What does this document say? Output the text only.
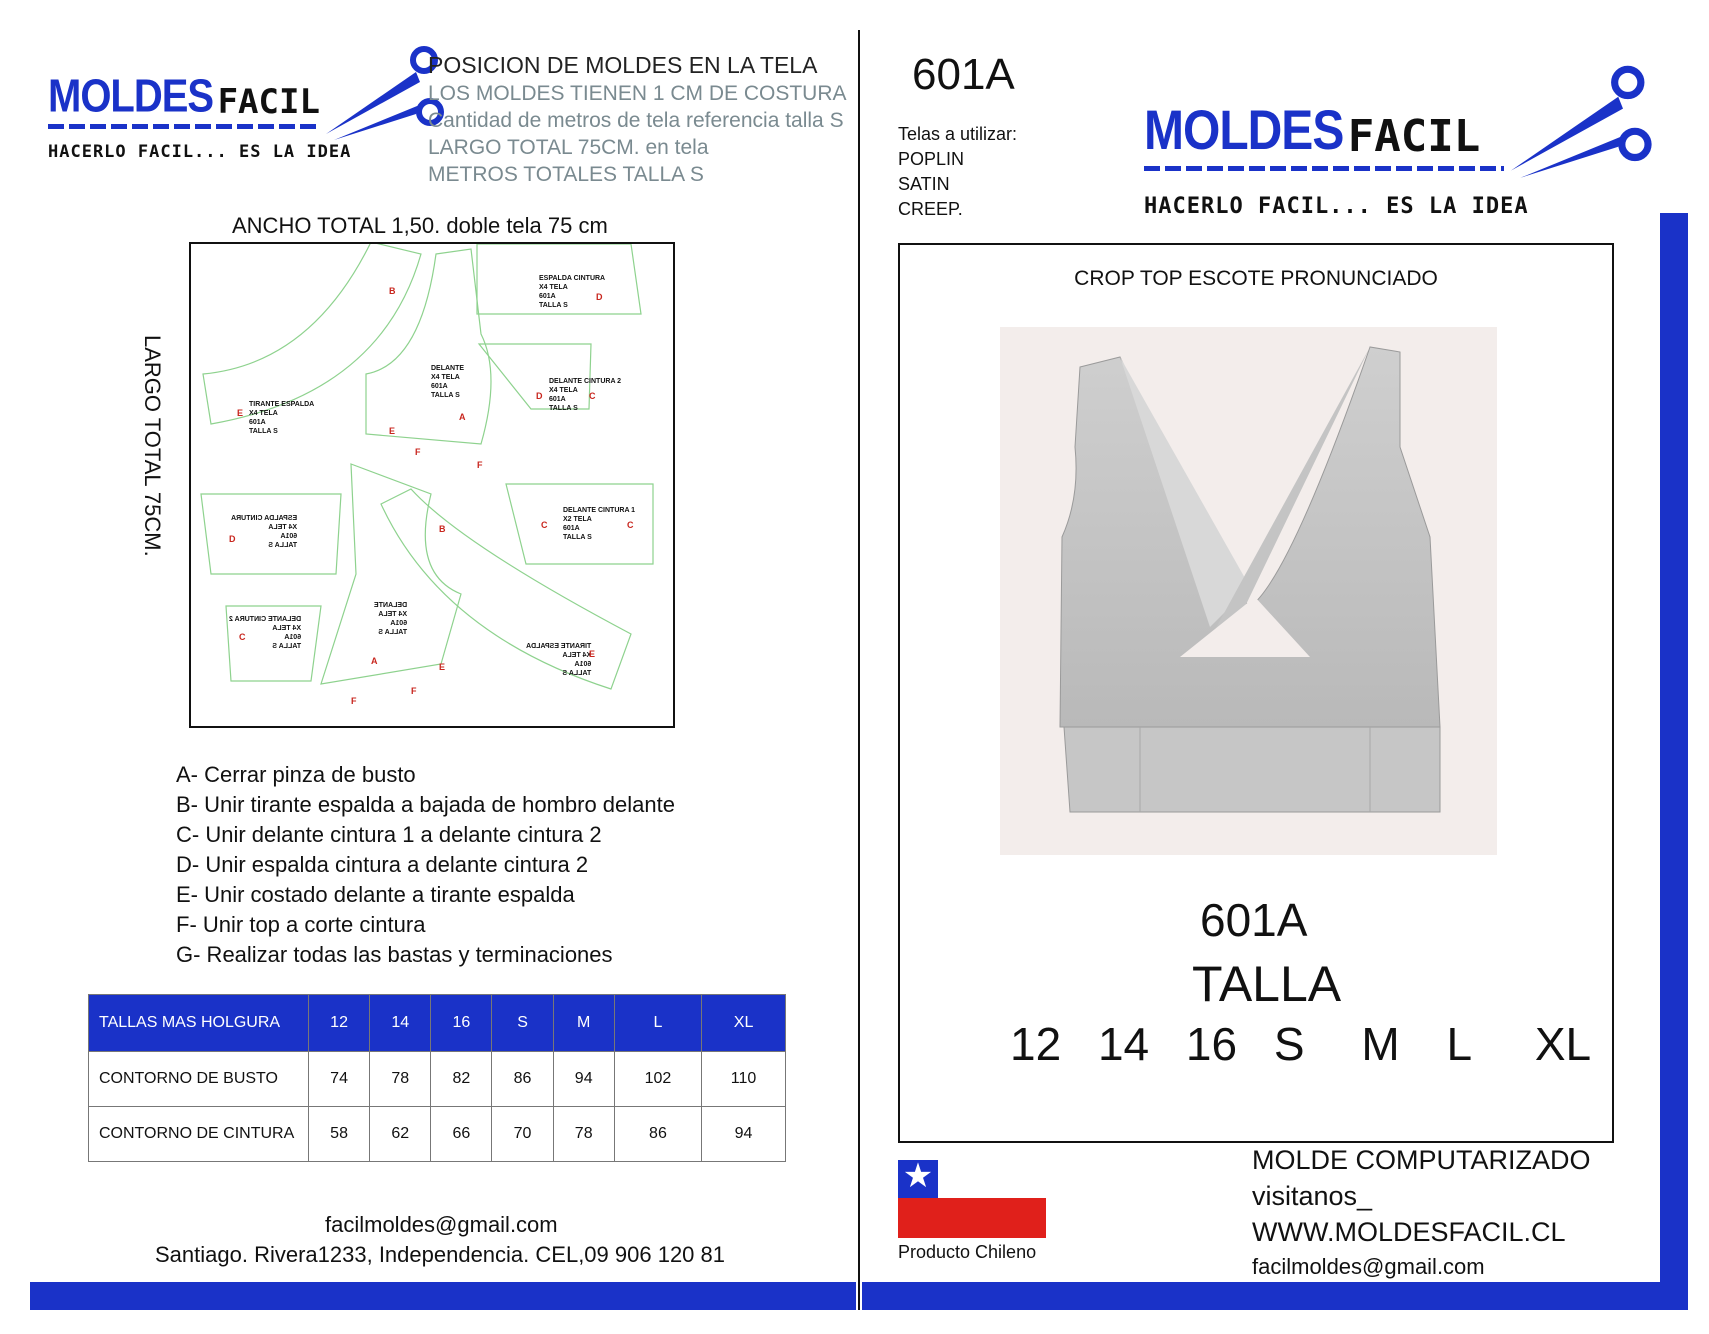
MOLDES FACIL
HACERLO FACIL... ES LA IDEA
POSICION DE MOLDES EN LA TELA
LOS MOLDES TIENEN 1 CM DE COSTURA
Cantidad de metros de tela referencia talla S
LARGO TOTAL 75CM. en tela
METROS TOTALES TALLA S
ANCHO TOTAL 1,50. doble tela 75 cm
LARGO TOTAL 75CM.
ESPALDA CINTURA
X4 TELA
601A
TALLA S
D
DELANTE
X4 TELA
601A
TALLA S
A
DELANTE CINTURA 2
X4 TELA
601A
TALLA S
C
TIRANTE ESPALDA
X4 TELA
601A
TALLA S
E
DELANTE CINTURA 1
X2 TELA
601A
TALLA S
C
ESPALDA CINTURA
X4 TELA
601A
TALLA S
D
DELANTE CINTURA 2
X4 TELA
601A
TALLA S
C
DELANTE
X4 TELA
601A
TALLA S
A
TIRANTE ESPALDA
X4 TELA
601A
TALLA S
E
B
B
E
E
F
F
F
F
C
D
A- Cerrar pinza de busto
B- Unir tirante espalda a bajada de hombro delante
C- Unir delante cintura 1 a delante cintura 2
D- Unir espalda cintura a delante cintura 2
E- Unir costado delante a tirante espalda
F- Unir top a corte cintura
G- Realizar todas las bastas y terminaciones
TALLAS MAS HOLGURA	12	14	16	S	M	L	XL
CONTORNO DE BUSTO	74	78	82	86	94	102	110
CONTORNO DE CINTURA	58	62	66	70	78	86	94
facilmoldes@gmail.com
Santiago. Rivera1233, Independencia. CEL,09 906 120 81
601A
Telas a utilizar:
POPLIN
SATIN
CREEP.
MOLDES FACIL
HACERLO FACIL... ES LA IDEA
CROP TOP ESCOTE PRONUNCIADO
601A
TALLA
12 14 16 S M L XL
★
Producto Chileno
MOLDE COMPUTARIZADO
visitanos_
WWW.MOLDESFACIL.CL
facilmoldes@gmail.com
